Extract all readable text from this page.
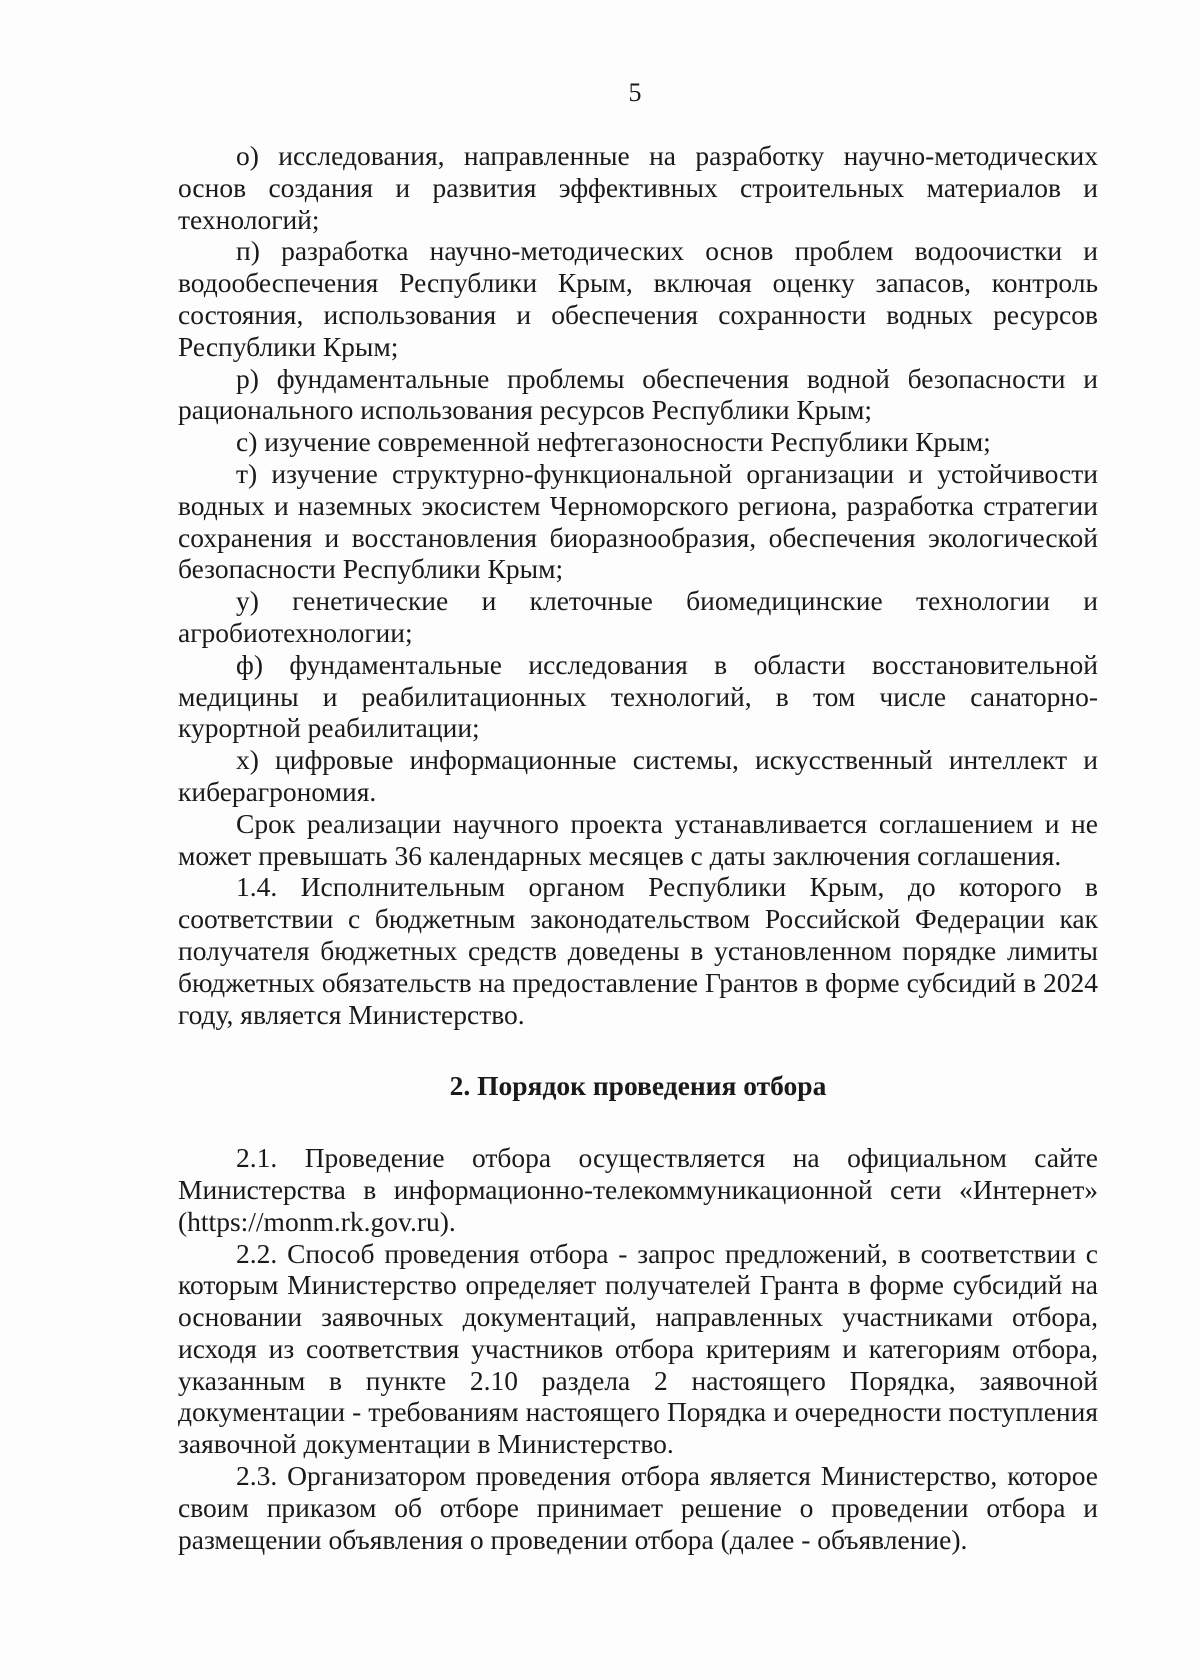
5

о) исследования, направленные на разработку научно-методических основ создания и развития эффективных строительных материалов и технологий;

п) разработка научно-методических основ проблем водоочистки и водообеспечения Республики Крым, включая оценку запасов, контроль состояния, использования и обеспечения сохранности водных ресурсов Республики Крым;

р) фундаментальные проблемы обеспечения водной безопасности и рационального использования ресурсов Республики Крым;

с) изучение современной нефтегазоносности Республики Крым;

т) изучение структурно-функциональной организации и устойчивости водных и наземных экосистем Черноморского региона, разработка стратегии сохранения и восстановления биоразнообразия, обеспечения экологической безопасности Республики Крым;

у) генетические и клеточные биомедицинские технологии и агробиотехнологии;

ф) фундаментальные исследования в области восстановительной медицины и реабилитационных технологий, в том числе санаторно-курортной реабилитации;

х) цифровые информационные системы, искусственный интеллект и киберагрономия.

Срок реализации научного проекта устанавливается соглашением и не может превышать 36 календарных месяцев с даты заключения соглашения.

1.4. Исполнительным органом Республики Крым, до которого в соответствии с бюджетным законодательством Российской Федерации как получателя бюджетных средств доведены в установленном порядке лимиты бюджетных обязательств на предоставление Грантов в форме субсидий в 2024 году, является Министерство.

2. Порядок проведения отбора

2.1. Проведение отбора осуществляется на официальном сайте Министерства в информационно-телекоммуникационной сети «Интернет» (https://monm.rk.gov.ru).

2.2. Способ проведения отбора - запрос предложений, в соответствии с которым Министерство определяет получателей Гранта в форме субсидий на основании заявочных документаций, направленных участниками отбора, исходя из соответствия участников отбора критериям и категориям отбора, указанным в пункте 2.10 раздела 2 настоящего Порядка, заявочной документации - требованиям настоящего Порядка и очередности поступления заявочной документации в Министерство.

2.3. Организатором проведения отбора является Министерство, которое своим приказом об отборе принимает решение о проведении отбора и размещении объявления о проведении отбора (далее - объявление).
